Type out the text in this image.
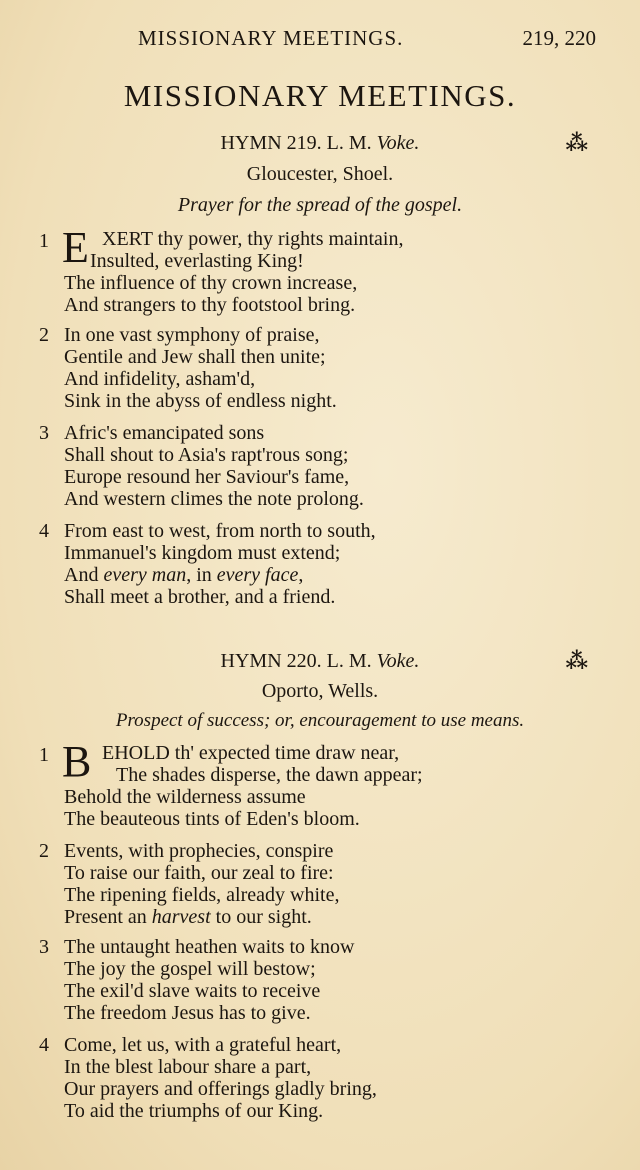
MISSIONARY MEETINGS.	219, 220
MISSIONARY MEETINGS.
HYMN 219. L. M. Voke.	⁂
Gloucester, Shoel.
Prayer for the spread of the gospel.
1 E XERT thy power, thy rights maintain,
Insulted, everlasting King!
The influence of thy crown increase,
And strangers to thy footstool bring.
2 In one vast symphony of praise,
Gentile and Jew shall then unite;
And infidelity, asham'd,
Sink in the abyss of endless night.
3 Afric's emancipated sons
Shall shout to Asia's rapt'rous song;
Europe resound her Saviour's fame,
And western climes the note prolong.
4 From east to west, from north to south,
Immanuel's kingdom must extend;
And every man, in every face,
Shall meet a brother, and a friend.
HYMN 220. L. M. Voke.	⁂
Oporto, Wells.
Prospect of success; or, encouragement to use means.
1 B EHOLD th' expected time draw near,
The shades disperse, the dawn appear;
Behold the wilderness assume
The beauteous tints of Eden's bloom.
2 Events, with prophecies, conspire
To raise our faith, our zeal to fire:
The ripening fields, already white,
Present an harvest to our sight.
3 The untaught heathen waits to know
The joy the gospel will bestow;
The exil'd slave waits to receive
The freedom Jesus has to give.
4 Come, let us, with a grateful heart,
In the blest labour share a part,
Our prayers and offerings gladly bring,
To aid the triumphs of our King.
